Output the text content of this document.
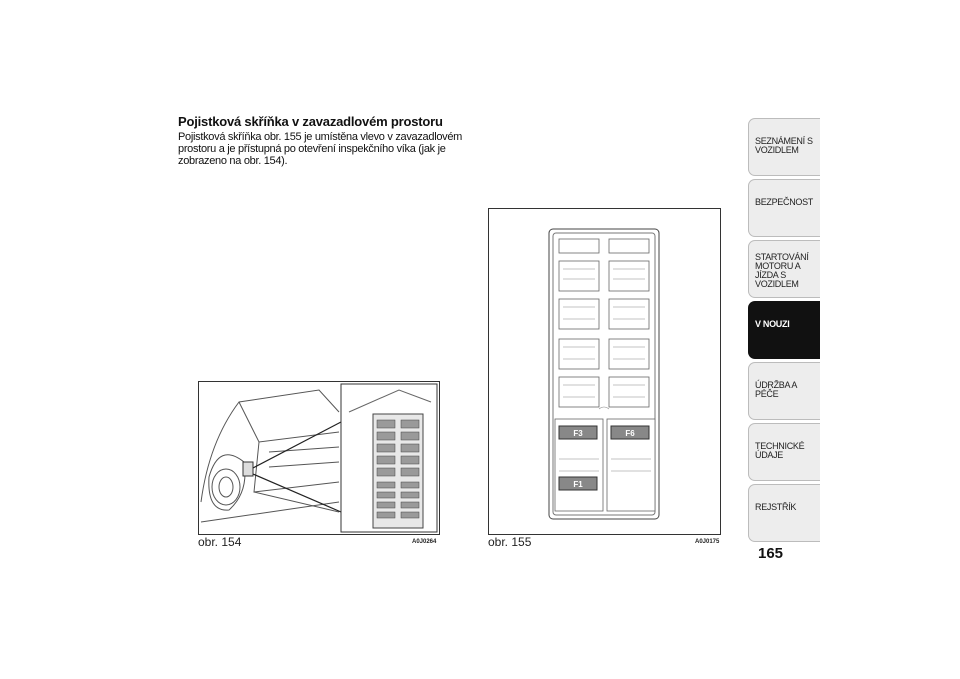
Pojistková skříňka v zavazadlovém prostoru
Pojistková skříňka obr. 155 je umístěna vlevo v zavazadlovém prostoru a je přístupná po otevření inspekčního víka (jak je zobrazeno na obr. 154).
obr. 154	A0J0264
F3	F6
F1
obr. 155	A0J0175
SEZNÁMENÍ S VOZIDLEM
BEZPEČNOST
STARTOVÁNÍ MOTORU A JÍZDA S VOZIDLEM
V NOUZI
ÚDRŽBA A PÉČE
TECHNICKÉ ÚDAJE
REJSTŘÍK
165
